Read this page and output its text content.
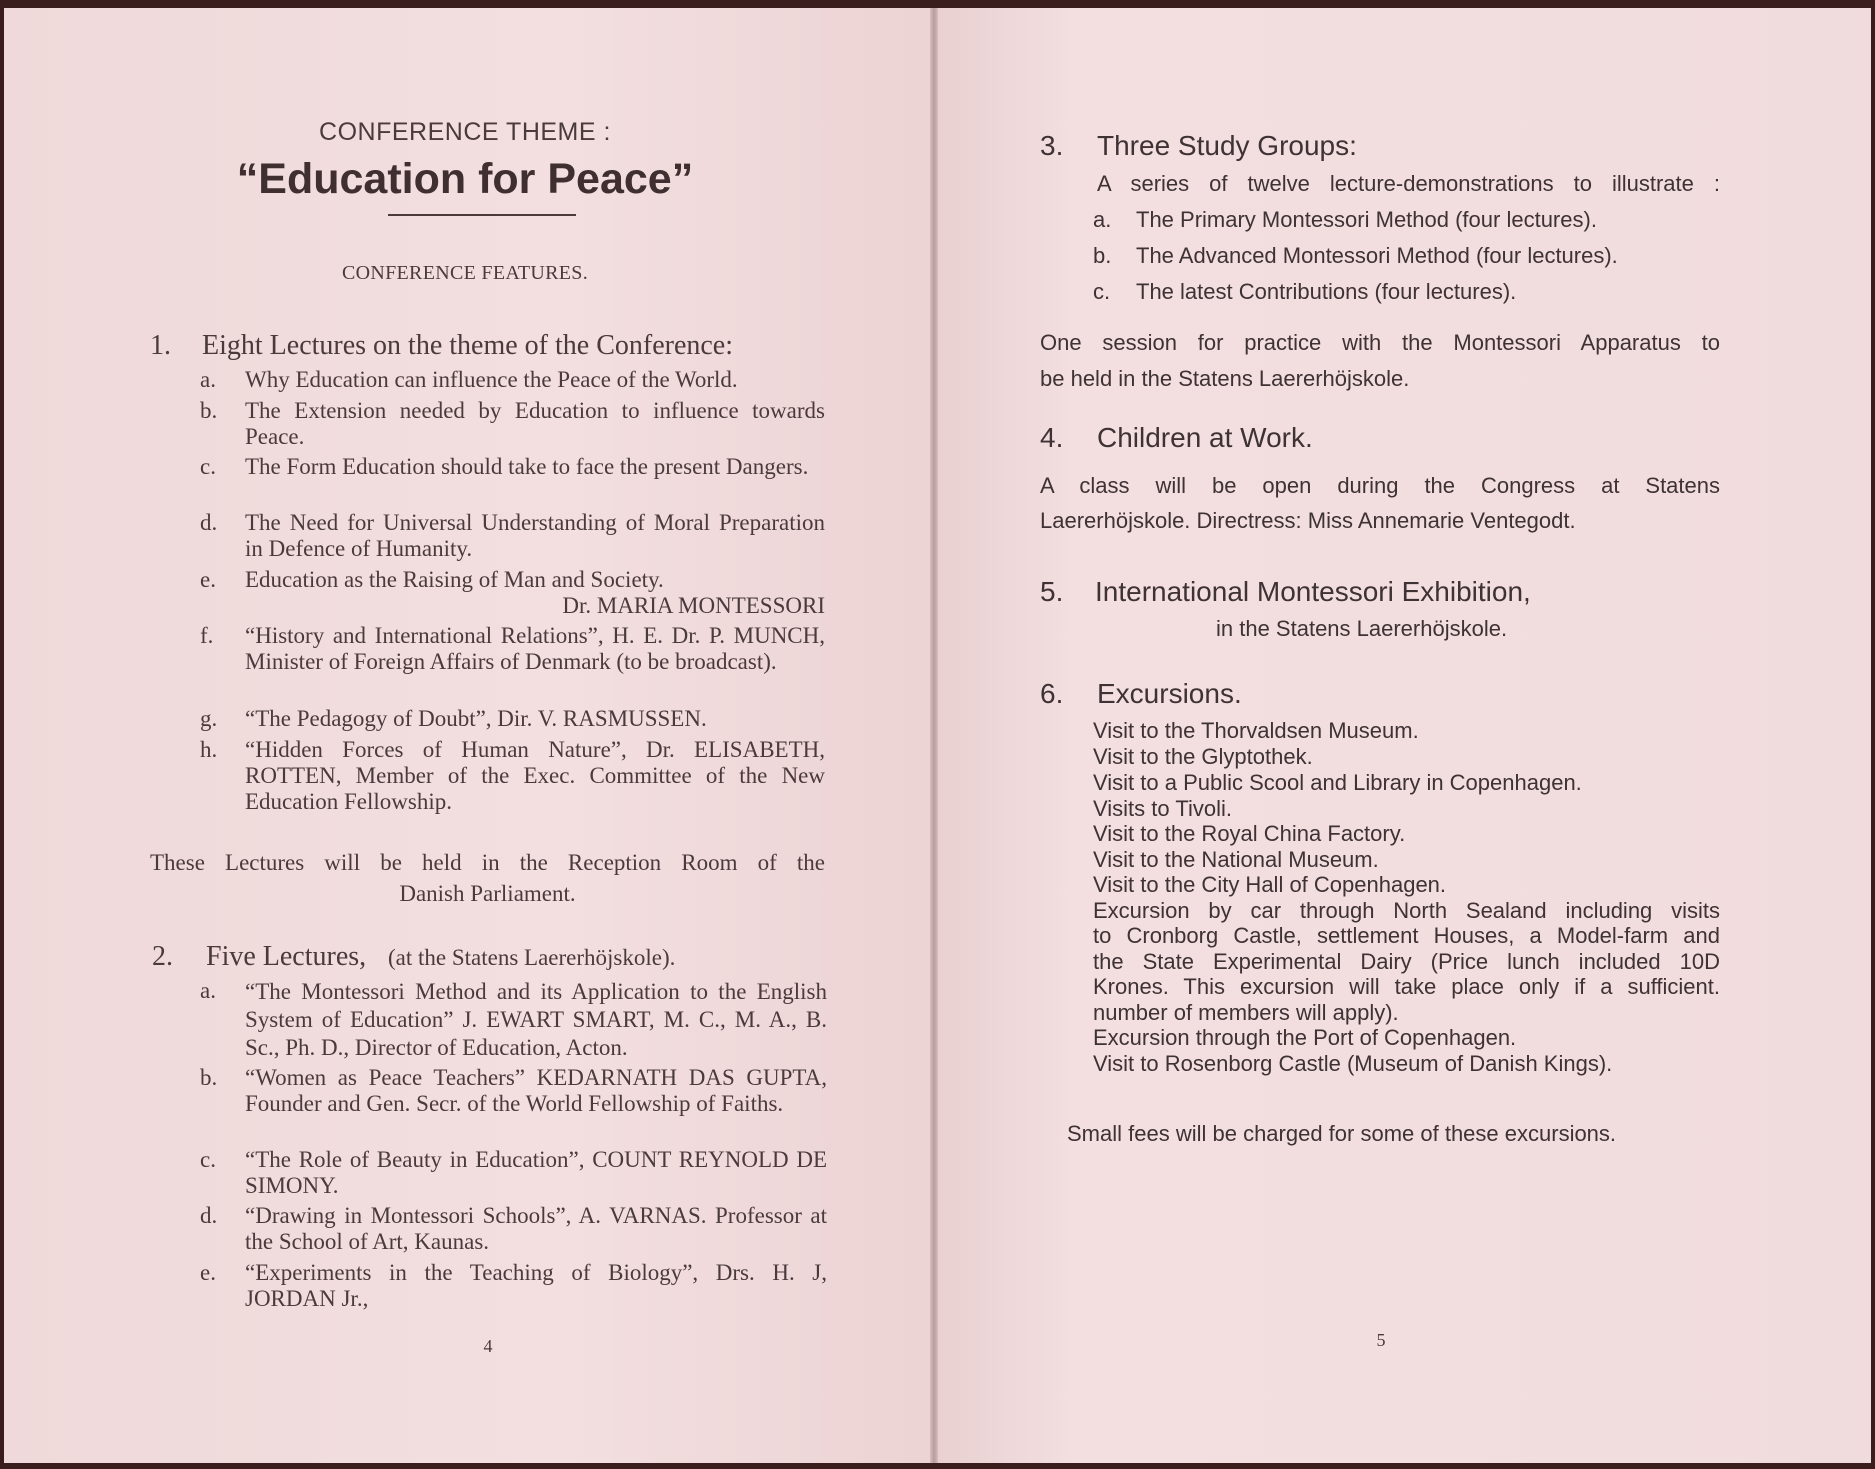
CONFERENCE THEME :
“Education for Peace”
CONFERENCE FEATURES.
1. Eight Lectures on the theme of the Conference:
a.	Why Education can influence the Peace of the World.
b.	The Extension needed by Education to influence towards Peace.
c.	The Form Education should take to face the present Dangers.
d.	The Need for Universal Understanding of Moral Preparation in Defence of Humanity.
e.	Education as the Raising of Man and Society.
Dr. MARIA MONTESSORI
f.	“History and International Relations”, H. E. Dr. P. MUNCH, Minister of Foreign Affairs of Denmark (to be broadcast).
g.	“The Pedagogy of Doubt”, Dir. V. RASMUSSEN.
h.	“Hidden Forces of Human Nature”, Dr. ELISABETH, ROTTEN, Member of the Exec. Committee of the New Education Fellowship.
These Lectures will be held in the Reception Room of the
Danish Parliament.
2. Five Lectures, (at the Statens Laererhöjskole).
a.	“The Montessori Method and its Application to the English System of Education” J. EWART SMART, M. C., M. A., B. Sc., Ph. D., Director of Education, Acton.
b.	“Women as Peace Teachers” KEDARNATH DAS GUPTA, Founder and Gen. Secr. of the World Fellowship of Faiths.
c.	“The Role of Beauty in Education”, COUNT REYNOLD DE SIMONY.
d.	“Drawing in Montessori Schools”, A. VARNAS. Professor at the School of Art, Kaunas.
e.	“Experiments in the Teaching of Biology”, Drs. H. J, JORDAN Jr.,
4
3. Three Study Groups:
A series of twelve lecture-demonstrations to illustrate :
a. The Primary Montessori Method (four lectures).
b. The Advanced Montessori Method (four lectures).
c. The latest Contributions (four lectures).
One session for practice with the Montessori Apparatus to
be held in the Statens Laererhöjskole.
4. Children at Work.
A class will be open during the Congress at Statens
Laererhöjskole. Directress: Miss Annemarie Ventegodt.
5. International Montessori Exhibition,
in the Statens Laererhöjskole.
6. Excursions.
Visit to the Thorvaldsen Museum.
Visit to the Glyptothek.
Visit to a Public Scool and Library in Copenhagen.
Visits to Tivoli.
Visit to the Royal China Factory.
Visit to the National Museum.
Visit to the City Hall of Copenhagen.
Excursion by car through North Sealand including visits
to Cronborg Castle, settlement Houses, a Model-farm and
the State Experimental Dairy (Price lunch included 10D
Krones. This excursion will take place only if a sufficient.
number of members will apply).
Excursion through the Port of Copenhagen.
Visit to Rosenborg Castle (Museum of Danish Kings).
Small fees will be charged for some of these excursions.
5
